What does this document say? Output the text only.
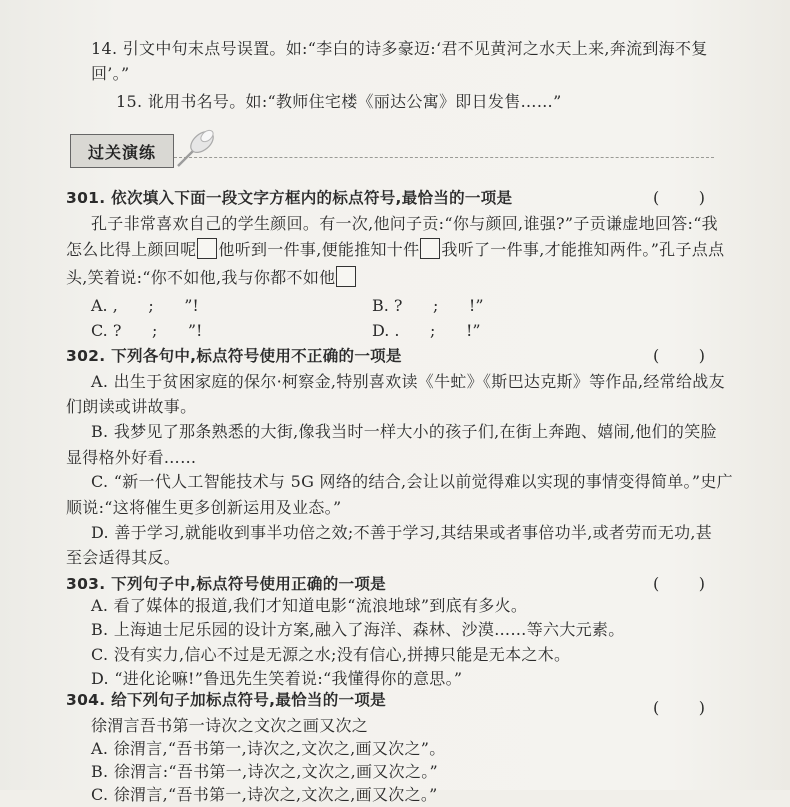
14. 引文中句末点号误置。如:“李白的诗多豪迈:‘君不见黄河之水天上来,奔流到海不复
回’。”
15. 讹用书名号。如:“教师住宅楼《丽达公寓》即日发售……”
过关演练
301. 依次填入下面一段文字方框内的标点符号,最恰当的一项是	( )
孔子非常喜欢自己的学生颜回。有一次,他问子贡:“你与颜回,谁强?”子贡谦虚地回答:“我
怎么比得上颜回呢 他听到一件事,便能推知十件 我听了一件事,才能推知两件。”孔子点点
头,笑着说:“你不如他,我与你都不如他
A. ,      ;      ”!	B. ?      ;      !”
C. ?      ;      ”!	D. .      ;      !”
302. 下列各句中,标点符号使用不正确的一项是	( )
A. 出生于贫困家庭的保尔·柯察金,特别喜欢读《牛虻》《斯巴达克斯》等作品,经常给战友
们朗读或讲故事。
B. 我梦见了那条熟悉的大街,像我当时一样大小的孩子们,在街上奔跑、嬉闹,他们的笑脸
显得格外好看……
C. “新一代人工智能技术与 5G 网络的结合,会让以前觉得难以实现的事情变得简单。”史广
顺说:“这将催生更多创新运用及业态。”
D. 善于学习,就能收到事半功倍之效;不善于学习,其结果或者事倍功半,或者劳而无功,甚
至会适得其反。
303. 下列句子中,标点符号使用正确的一项是	( )
A. 看了媒体的报道,我们才知道电影“流浪地球”到底有多火。
B. 上海迪士尼乐园的设计方案,融入了海洋、森林、沙漠……等六大元素。
C. 没有实力,信心不过是无源之水;没有信心,拼搏只能是无本之木。
D. “进化论嘛!”鲁迅先生笑着说:“我懂得你的意思。”
304. 给下列句子加标点符号,最恰当的一项是	( )
徐渭言吾书第一诗次之文次之画又次之
A. 徐渭言,“吾书第一,诗次之,文次之,画又次之”。
B. 徐渭言:“吾书第一,诗次之,文次之,画又次之。”
C. 徐渭言,“吾书第一,诗次之,文次之,画又次之。”
